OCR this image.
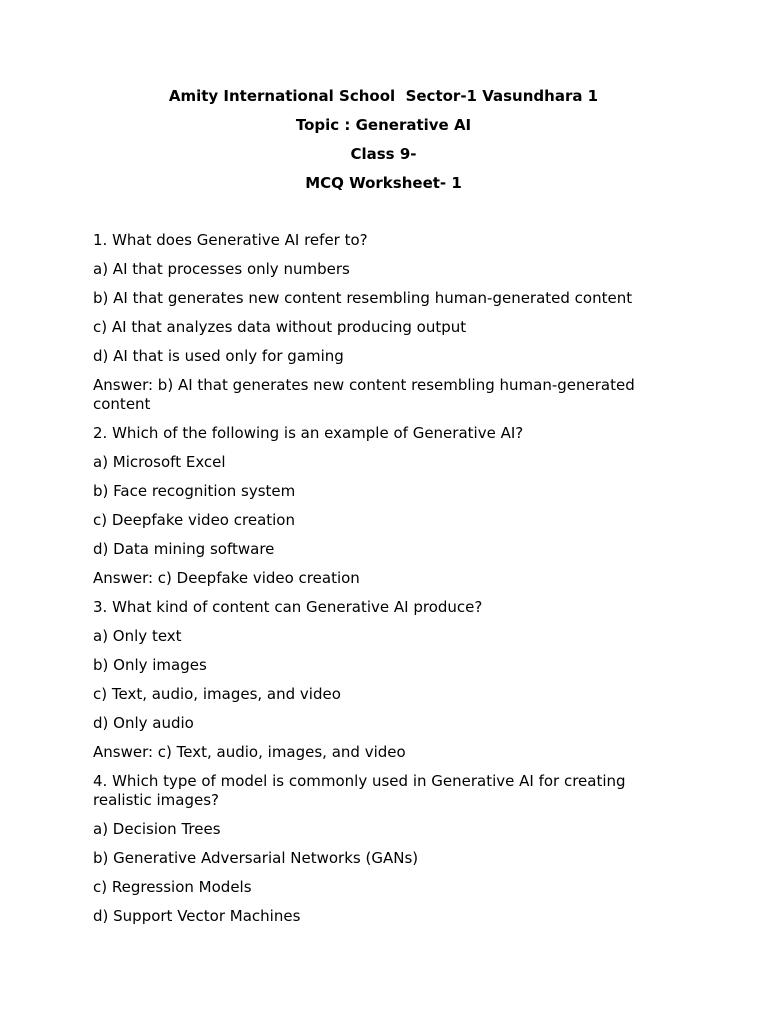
Amity International School  Sector-1 Vasundhara 1
Topic : Generative AI
Class 9-
MCQ Worksheet- 1
1. What does Generative AI refer to?
a) AI that processes only numbers
b) AI that generates new content resembling human-generated content
c) AI that analyzes data without producing output
d) AI that is used only for gaming
Answer: b) AI that generates new content resembling human-generated content
2. Which of the following is an example of Generative AI?
a) Microsoft Excel
b) Face recognition system
c) Deepfake video creation
d) Data mining software
Answer: c) Deepfake video creation
3. What kind of content can Generative AI produce?
a) Only text
b) Only images
c) Text, audio, images, and video
d) Only audio
Answer: c) Text, audio, images, and video
4. Which type of model is commonly used in Generative AI for creating realistic images?
a) Decision Trees
b) Generative Adversarial Networks (GANs)
c) Regression Models
d) Support Vector Machines
